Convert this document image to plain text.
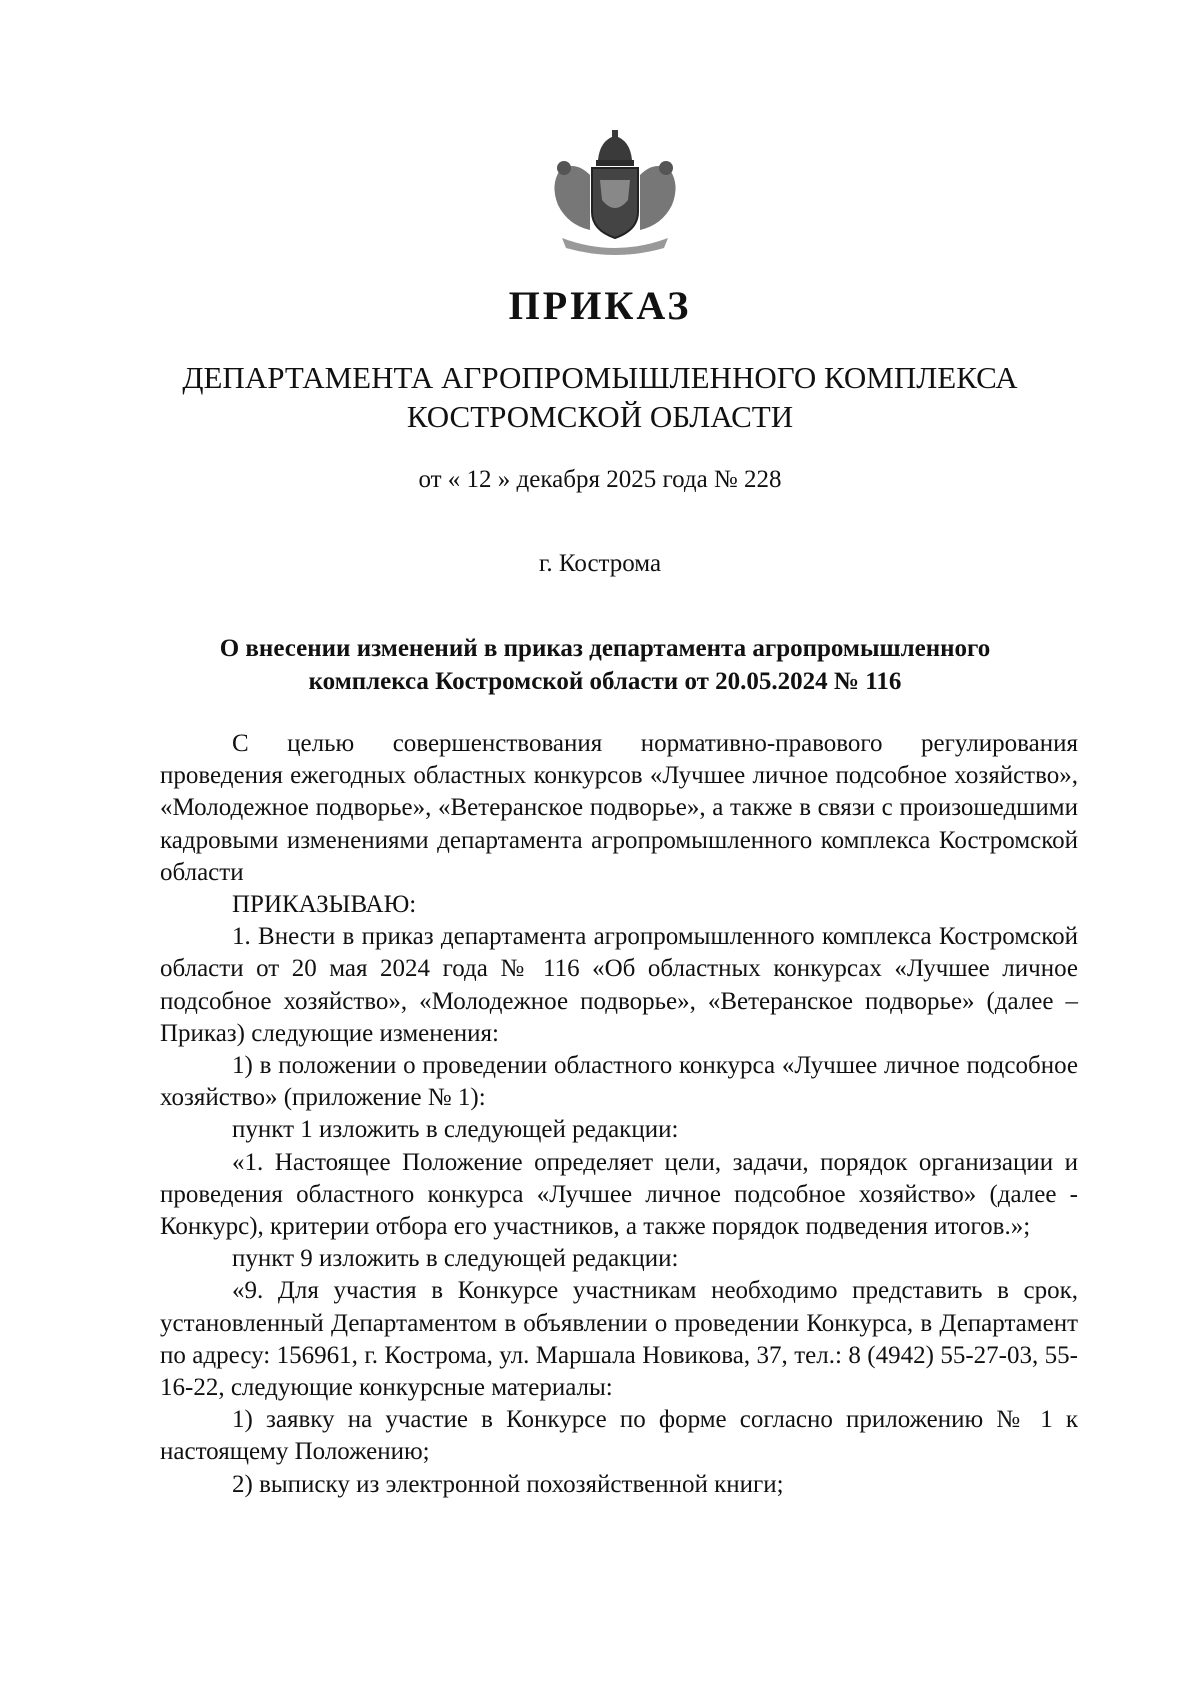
ПРИКАЗ
ДЕПАРТАМЕНТА АГРОПРОМЫШЛЕННОГО КОМПЛЕКСА
КОСТРОМСКОЙ ОБЛАСТИ
от « 12 » декабря 2025 года № 228
г. Кострома
О внесении изменений в приказ департамента агропромышленного
комплекса Костромской области от 20.05.2024 № 116

С целью совершенствования нормативно-правового регулирования проведения ежегодных областных конкурсов «Лучшее личное подсобное хозяйство», «Молодежное подворье», «Ветеранское подворье», а также в связи с произошедшими кадровыми изменениями департамента агропромышленного комплекса Костромской области

ПРИКАЗЫВАЮ:

1. Внести в приказ департамента агропромышленного комплекса Костромской области от 20 мая 2024 года № 116 «Об областных конкурсах «Лучшее личное подсобное хозяйство», «Молодежное подворье», «Ветеранское подворье» (далее – Приказ) следующие изменения:

1) в положении о проведении областного конкурса «Лучшее личное подсобное хозяйство» (приложение № 1):

пункт 1 изложить в следующей редакции:

«1. Настоящее Положение определяет цели, задачи, порядок организации и проведения областного конкурса «Лучшее личное подсобное хозяйство» (далее - Конкурс), критерии отбора его участников, а также порядок подведения итогов.»;

пункт 9 изложить в следующей редакции:

«9. Для участия в Конкурсе участникам необходимо представить в срок, установленный Департаментом в объявлении о проведении Конкурса, в Департамент по адресу: 156961, г. Кострома, ул. Маршала Новикова, 37, тел.: 8 (4942) 55-27-03, 55-16-22, следующие конкурсные материалы:

1) заявку на участие в Конкурсе по форме согласно приложению № 1 к настоящему Положению;

2) выписку из электронной похозяйственной книги;
